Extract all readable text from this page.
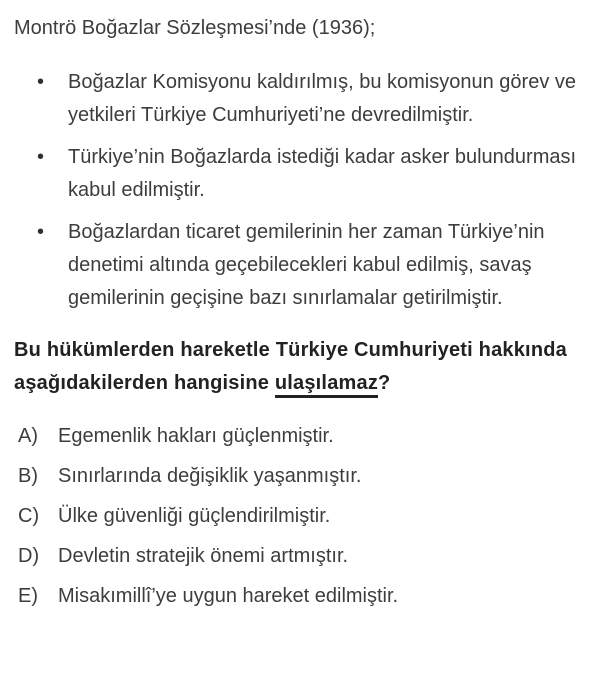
Montrö Boğazlar Sözleşmesi’nde (1936);

•	Boğazlar Komisyonu kaldırılmış, bu komisyonun görev ve yetkileri Türkiye Cumhuriyeti’ne devredilmiştir.
•	Türkiye’nin Boğazlarda istediği kadar asker bulundurması kabul edilmiştir.
•	Boğazlardan ticaret gemilerinin her zaman Türkiye’nin denetimi altında geçebilecekleri kabul edilmiş, savaş gemilerinin geçişine bazı sınırlamalar getirilmiştir.

Bu hükümlerden hareketle Türkiye Cumhuriyeti hakkında aşağıdakilerden hangisine ulaşılamaz?

A)	Egemenlik hakları güçlenmiştir.
B)	Sınırlarında değişiklik yaşanmıştır.
C) Ülke güvenliği güçlendirilmiştir.
D) Devletin stratejik önemi artmıştır.
E)	Misakımillî’ye uygun hareket edilmiştir.
